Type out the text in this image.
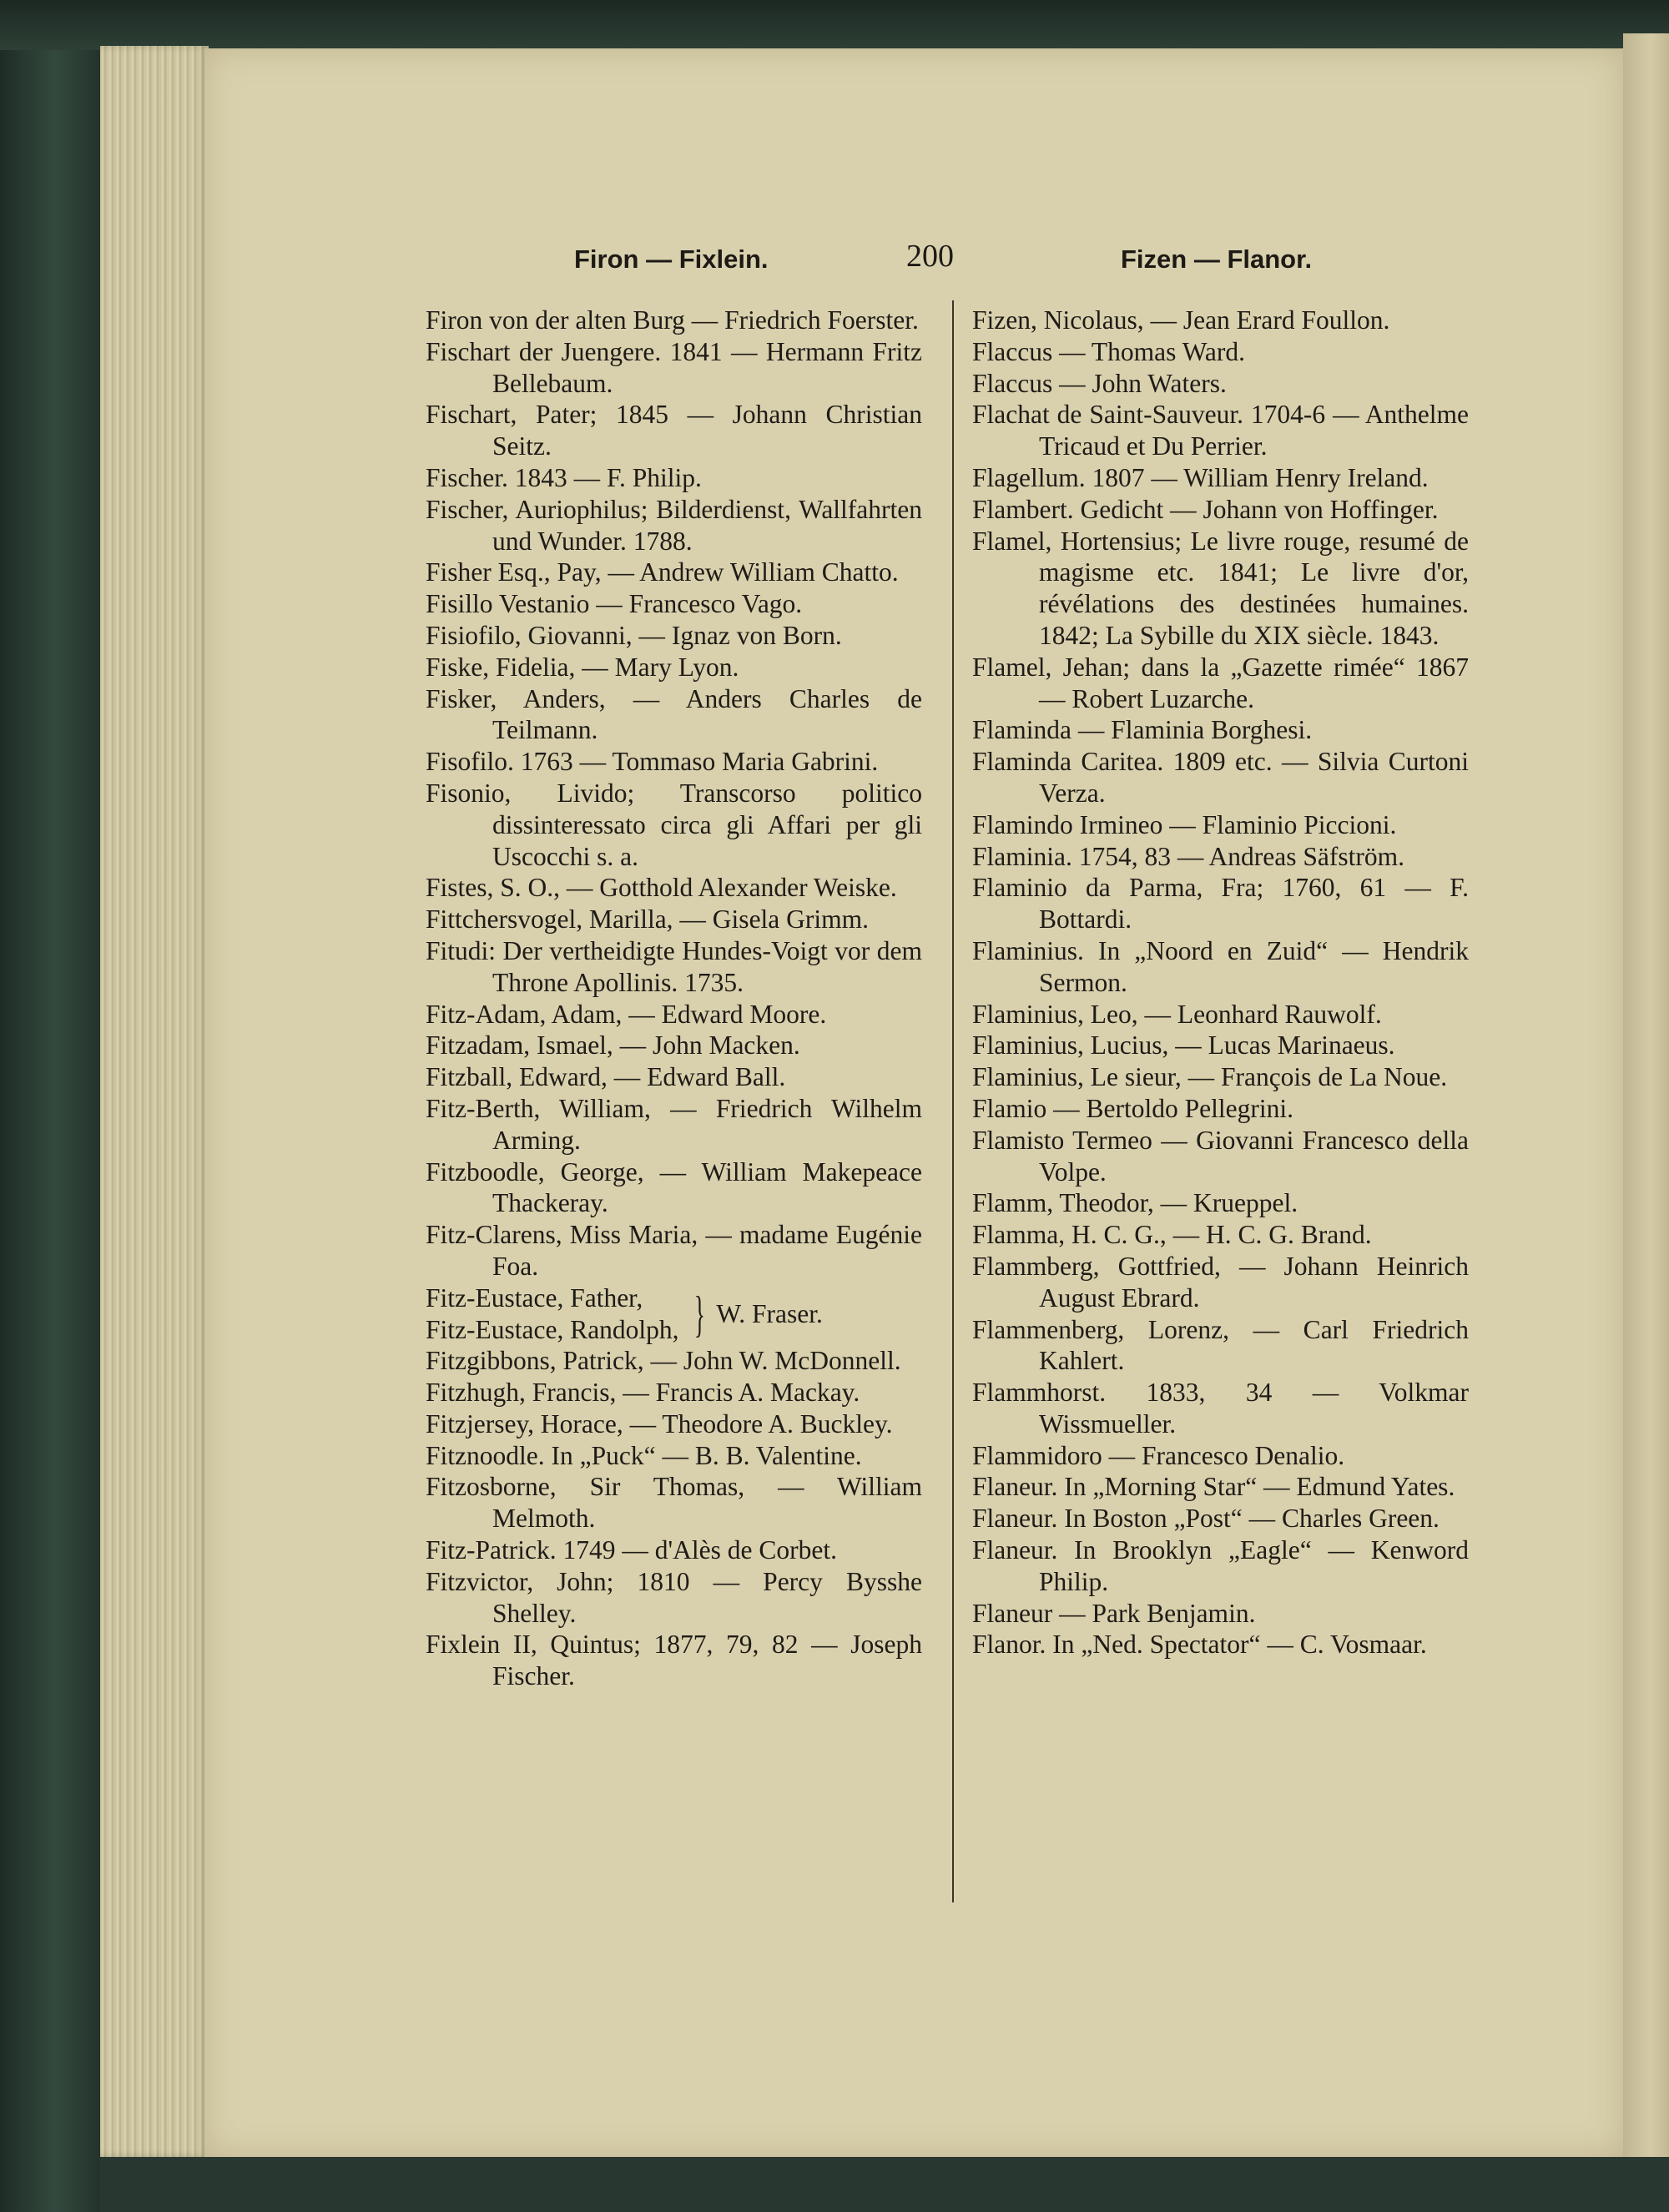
Firon — Fixlein.	200	Fizen — Flanor.

Firon von der alten Burg — Friedrich Foerster.

Fischart der Juengere. 1841 — Hermann Fritz Bellebaum.

Fischart, Pater; 1845 — Johann Christian Seitz.

Fischer. 1843 — F. Philip.

Fischer, Auriophilus; Bilderdienst, Wallfahrten und Wunder. 1788.

Fisher Esq., Pay, — Andrew William Chatto.

Fisillo Vestanio — Francesco Vago.

Fisiofilo, Giovanni, — Ignaz von Born.

Fiske, Fidelia, — Mary Lyon.

Fisker, Anders, — Anders Charles de Teilmann.

Fisofilo. 1763 — Tommaso Maria Gabrini.

Fisonio, Livido; Transcorso politico dissinteressato circa gli Affari per gli Uscocchi s. a.

Fistes, S. O., — Gotthold Alexander Weiske.

Fittchersvogel, Marilla, — Gisela Grimm.

Fitudi: Der vertheidigte Hundes-Voigt vor dem Throne Apollinis. 1735.

Fitz-Adam, Adam, — Edward Moore.

Fitzadam, Ismael, — John Macken.

Fitzball, Edward, — Edward Ball.

Fitz-Berth, William, — Friedrich Wilhelm Arming.

Fitzboodle, George, — William Makepeace Thackeray.

Fitz-Clarens, Miss Maria, — madame Eugénie Foa.

Fitz-Eustace, Father,
Fitz-Eustace, Randolph, } W. Fraser.

Fitzgibbons, Patrick, — John W. McDonnell.

Fitzhugh, Francis, — Francis A. Mackay.

Fitzjersey, Horace, — Theodore A. Buckley.

Fitznoodle. In „Puck“ — B. B. Valentine.

Fitzosborne, Sir Thomas, — William Melmoth.

Fitz-Patrick. 1749 — d'Alès de Corbet.

Fitzvictor, John; 1810 — Percy Bysshe Shelley.

Fixlein II, Quintus; 1877, 79, 82 — Joseph Fischer.

Fizen, Nicolaus, — Jean Erard Foullon.

Flaccus — Thomas Ward.

Flaccus — John Waters.

Flachat de Saint-Sauveur. 1704-6 — Anthelme Tricaud et Du Perrier.

Flagellum. 1807 — William Henry Ireland.

Flambert. Gedicht — Johann von Hoffinger.

Flamel, Hortensius; Le livre rouge, resumé de magisme etc. 1841; Le livre d'or, révélations des destinées humaines. 1842; La Sybille du XIX siècle. 1843.

Flamel, Jehan; dans la „Gazette rimée“ 1867 — Robert Luzarche.

Flaminda — Flaminia Borghesi.

Flaminda Caritea. 1809 etc. — Silvia Curtoni Verza.

Flamindo Irmineo — Flaminio Piccioni.

Flaminia. 1754, 83 — Andreas Säfström.

Flaminio da Parma, Fra; 1760, 61 — F. Bottardi.

Flaminius. In „Noord en Zuid“ — Hendrik Sermon.

Flaminius, Leo, — Leonhard Rauwolf.

Flaminius, Lucius, — Lucas Marinaeus.

Flaminius, Le sieur, — François de La Noue.

Flamio — Bertoldo Pellegrini.

Flamisto Termeo — Giovanni Francesco della Volpe.

Flamm, Theodor, — Krueppel.

Flamma, H. C. G., — H. C. G. Brand.

Flammberg, Gottfried, — Johann Heinrich August Ebrard.

Flammenberg, Lorenz, — Carl Friedrich Kahlert.

Flammhorst. 1833, 34 — Volkmar Wissmueller.

Flammidoro — Francesco Denalio.

Flaneur. In „Morning Star“ — Edmund Yates.

Flaneur. In Boston „Post“ — Charles Green.

Flaneur. In Brooklyn „Eagle“ — Kenword Philip.

Flaneur — Park Benjamin.

Flanor. In „Ned. Spectator“ — C. Vosmaar.
